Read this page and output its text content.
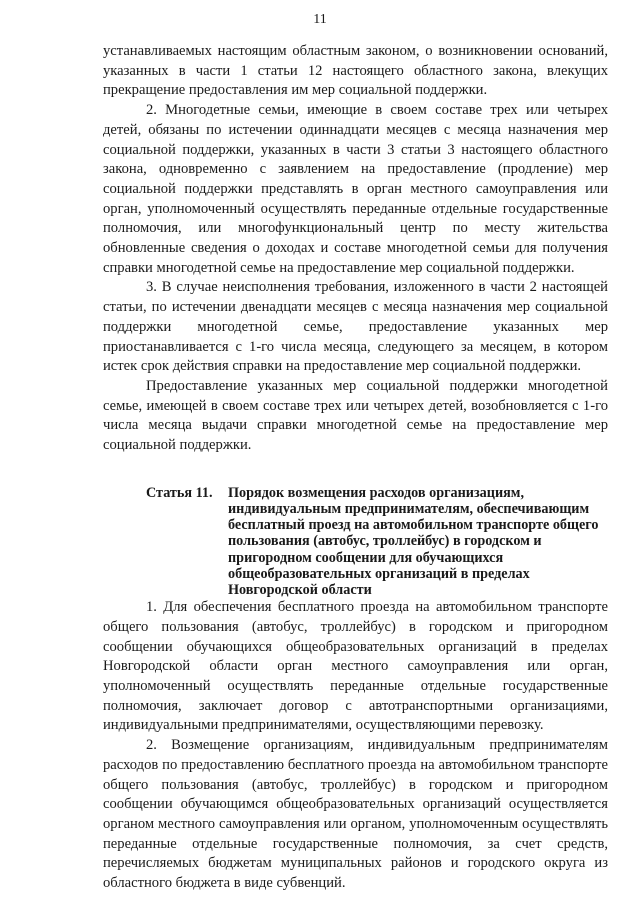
11

устанавливаемых настоящим областным законом, о возникновении оснований, указанных в части 1 статьи 12 настоящего областного закона, влекущих прекращение предоставления им мер социальной поддержки.

2. Многодетные семьи, имеющие в своем составе трех или четырех детей, обязаны по истечении одиннадцати месяцев с месяца назначения мер социальной поддержки, указанных в части 3 статьи 3 настоящего областного закона, одновременно с заявлением на предоставление (продление) мер социальной поддержки представлять в орган местного самоуправления или орган, уполномоченный осуществлять переданные отдельные государственные полномочия, или многофункциональный центр по месту жительства обновленные сведения о доходах и составе многодетной семьи для получения справки многодетной семье на предоставление мер социальной поддержки.

3. В случае неисполнения требования, изложенного в части 2 настоящей статьи, по истечении двенадцати месяцев с месяца назначения мер социальной поддержки многодетной семье, предоставление указанных мер приостанавливается с 1-го числа месяца, следующего за месяцем, в котором истек срок действия справки на предоставление мер социальной поддержки.

Предоставление указанных мер социальной поддержки многодетной семье, имеющей в своем составе трех или четырех детей, возобновляется с 1-го числа месяца выдачи справки многодетной семье на предоставление мер социальной поддержки.

Статья 11.	Порядок возмещения расходов организациям, индивидуальным предпринимателям, обеспечивающим бесплатный проезд на автомобильном транспорте общего пользования (автобус, троллейбус) в городском и пригородном сообщении для обучающихся общеобразовательных организаций в пределах Новгородской области

1. Для обеспечения бесплатного проезда на автомобильном транспорте общего пользования (автобус, троллейбус) в городском и пригородном сообщении обучающихся общеобразовательных организаций в пределах Новгородской области орган местного самоуправления или орган, уполномоченный осуществлять переданные отдельные государственные полномочия, заключает договор с автотранспортными организациями, индивидуальными предпринимателями, осуществляющими перевозку.

2. Возмещение организациям, индивидуальным предпринимателям расходов по предоставлению бесплатного проезда на автомобильном транспорте общего пользования (автобус, троллейбус) в городском и пригородном сообщении обучающимся общеобразовательных организаций осуществляется органом местного самоуправления или органом, уполномоченным осуществлять переданные отдельные государственные полномочия, за счет средств, перечисляемых бюджетам муниципальных районов и городского округа из областного бюджета в виде субвенций.
